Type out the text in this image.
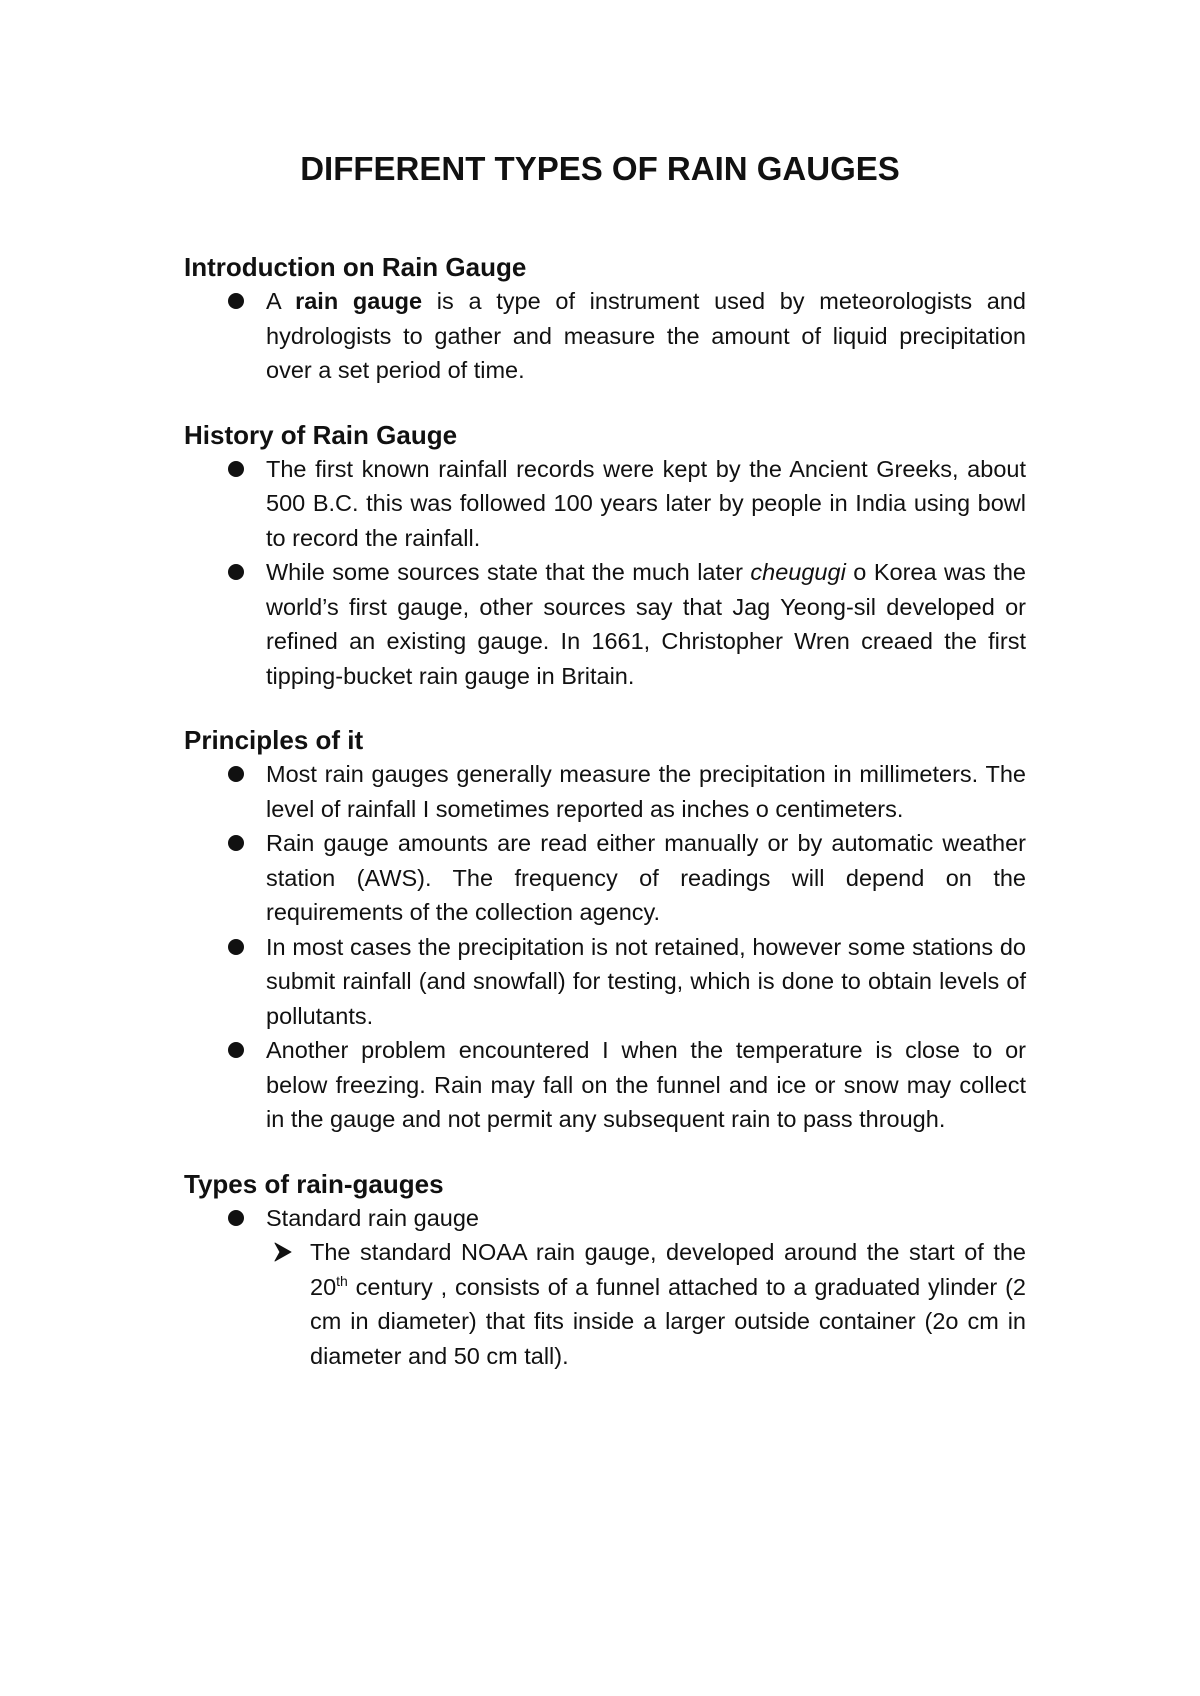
DIFFERENT TYPES OF RAIN GAUGES
Introduction on Rain Gauge
A rain gauge is a type of instrument used by meteorologists and hydrologists to gather and measure the amount of liquid precipitation over a set period of time.
History of Rain Gauge
The first known rainfall records were kept by the Ancient Greeks, about 500 B.C. this was followed 100 years later by people in India using bowl to record the rainfall.
While some sources state that the much later cheugugi o Korea was the world’s first gauge, other sources say that Jag Yeong-sil developed or refined an existing gauge. In 1661, Christopher Wren creaed the first tipping-bucket rain gauge in Britain.
Principles of it
Most rain gauges generally measure the precipitation in millimeters. The level of rainfall I sometimes reported as inches o centimeters.
Rain gauge amounts are read either manually or by automatic weather station (AWS). The frequency of readings will depend on the requirements of the collection agency.
In most cases the precipitation is not retained, however some stations do submit rainfall (and snowfall) for testing, which is done to obtain levels of pollutants.
Another problem encountered I when the temperature is close to or below freezing. Rain may fall on the funnel and ice or snow may collect in the gauge and not permit any subsequent rain to pass through.
Types of rain-gauges
Standard rain gauge
The standard NOAA rain gauge, developed around the start of the 20th century , consists of a funnel attached to a graduated ylinder (2 cm in diameter) that fits inside a larger outside container (2o cm in diameter and 50 cm tall).
